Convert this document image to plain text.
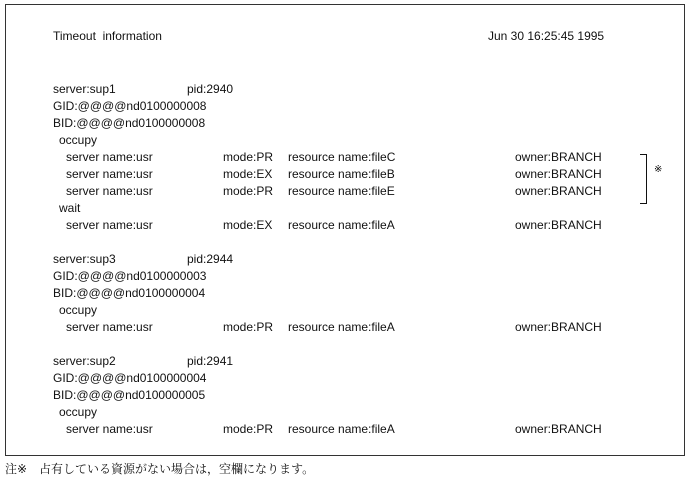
Timeout  information	Jun 30 16:25:45 1995
server:sup1	pid:2940
GID:@@@@nd0100000008
BID:@@@@nd0100000008
occupy
server name:usr	mode:PR resource name:fileC	owner:BRANCH
server name:usr	mode:EX resource name:fileB	owner:BRANCH
server name:usr	mode:PR resource name:fileE	owner:BRANCH
wait
server name:usr	mode:EX resource name:fileA	owner:BRANCH
server:sup3	pid:2944
GID:@@@@nd0100000003
BID:@@@@nd0100000004
occupy
server name:usr	mode:PR resource name:fileA	owner:BRANCH
server:sup2	pid:2941
GID:@@@@nd0100000004
BID:@@@@nd0100000005
occupy
server name:usr	mode:PR resource name:fileA	owner:BRANCH
※
注※　占有している資源がない場合は，空欄になります。
